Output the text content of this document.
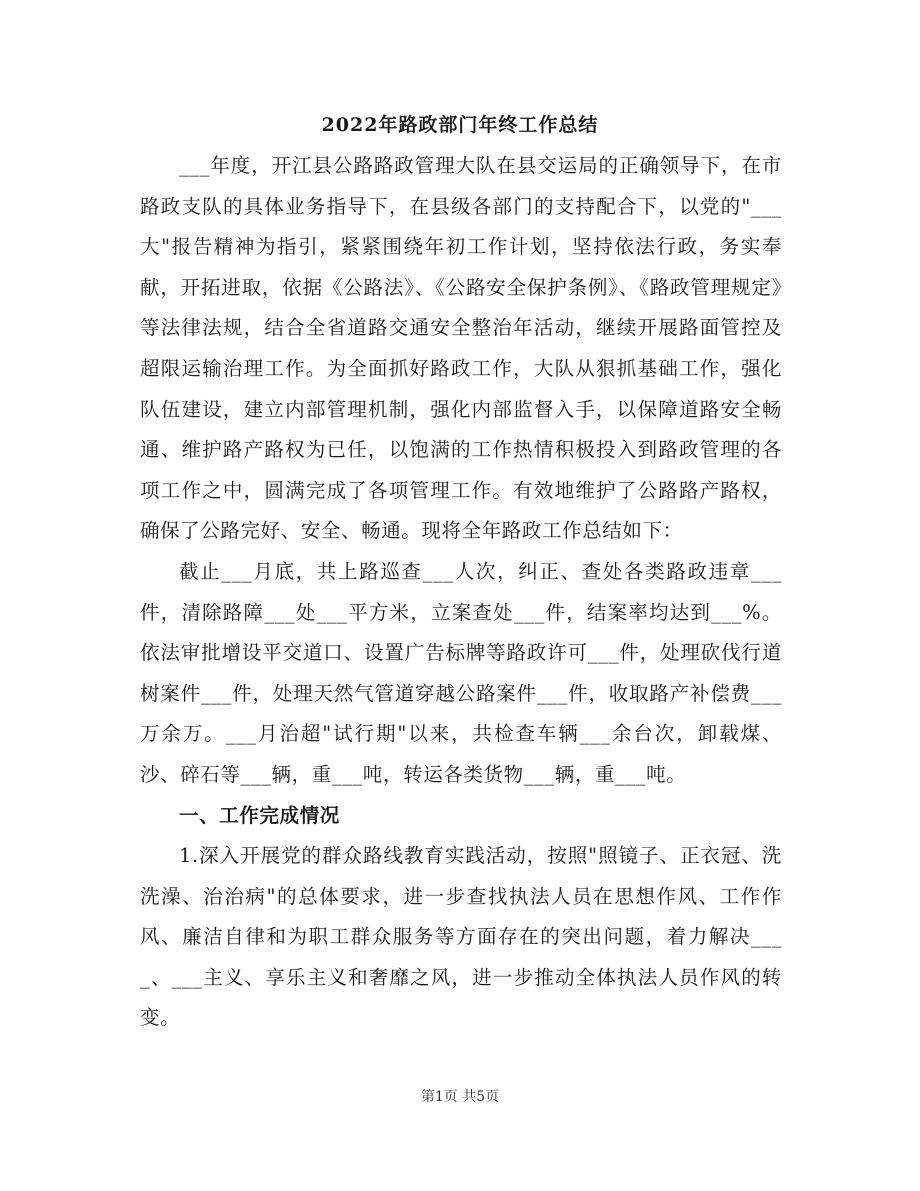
2022年路政部门年终工作总结

___年度，开江县公路路政管理大队在县交运局的正确领导下，在市路政支队的具体业务指导下，在县级各部门的支持配合下，以党的"___大"报告精神为指引，紧紧围绕年初工作计划，坚持依法行政，务实奉献，开拓进取，依据《公路法》、《公路安全保护条例》、《路政管理规定》等法律法规，结合全省道路交通安全整治年活动，继续开展路面管控及超限运输治理工作。为全面抓好路政工作，大队从狠抓基础工作，强化队伍建设，建立内部管理机制，强化内部监督入手，以保障道路安全畅通、维护路产路权为已任，以饱满的工作热情积极投入到路政管理的各项工作之中，圆满完成了各项管理工作。有效地维护了公路路产路权，确保了公路完好、安全、畅通。现将全年路政工作总结如下：

截止___月底，共上路巡查___人次，纠正、查处各类路政违章___件，清除路障___处___平方米，立案查处___件，结案率均达到___%。依法审批增设平交道口、设置广告标牌等路政许可___件，处理砍伐行道树案件___件，处理天然气管道穿越公路案件___件，收取路产补偿费___万余万。___月治超"试行期"以来，共检查车辆___余台次，卸载煤、沙、碎石等___辆，重___吨，转运各类货物___辆，重___吨。

一、工作完成情况

1.深入开展党的群众路线教育实践活动，按照"照镜子、正衣冠、洗洗澡、治治病"的总体要求，进一步查找执法人员在思想作风、工作作风、廉洁自律和为职工群众服务等方面存在的突出问题，着力解决____、___主义、享乐主义和奢靡之风，进一步推动全体执法人员作风的转变。

第1页 共5页
